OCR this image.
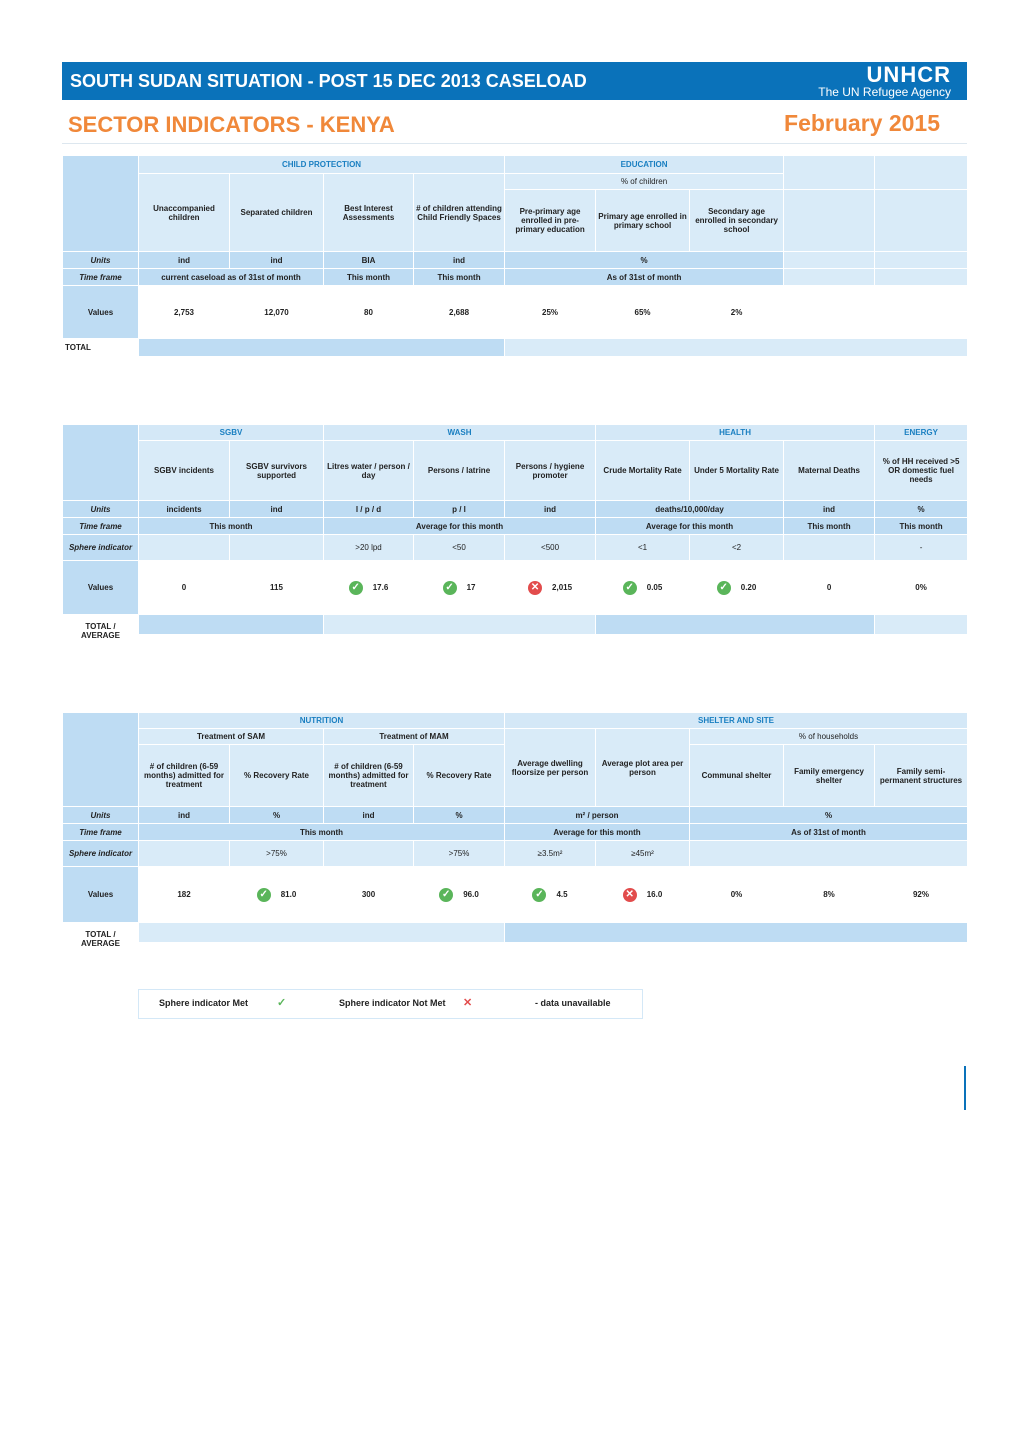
SOUTH SUDAN SITUATION - POST 15 DEC 2013 CASELOAD	UNHCR
The UN Refugee Agency
SECTOR INDICATORS - KENYA	February 2015
	CHILD PROTECTION				EDUCATION				
	Unaccompanied children	Separated children	Best Interest Assessments	# of children attending Child Friendly Spaces	% of children				
					Pre-primary age enrolled in pre-primary education	Primary age enrolled in primary school	Secondary age enrolled in secondary school		
Units	ind	ind	BIA	ind	%				
Time frame	current caseload as of 31st of month		This month	This month	As of 31st of month				
Values	2,753	12,070	80	2,688	25%	65%	2%		
TOTAL									
	SGBV		WASH			HEALTH			ENERGY
	SGBV incidents	SGBV survivors supported	Litres water / person / day	Persons / latrine	Persons / hygiene promoter	Crude Mortality Rate	Under 5 Mortality Rate	Maternal Deaths	% of HH received >5 OR domestic fuel needs
Units	incidents	ind	l / p / d	p / l	ind	deaths/10,000/day		ind	%
Time frame	This month		Average for this month			Average for this month		This month	This month
Sphere indicator			>20 lpd	<50	<500	<1	<2		-
Values	0	115	✓ 17.6	✓ 17	✕ 2,015	✓ 0.05	✓ 0.20	0	0%
TOTAL / AVERAGE									

	NUTRITION				SHELTER AND SITE				
	Treatment of SAM		Treatment of MAM		Average dwelling floorsize per person	Average plot area per person	% of households		
	# of children (6-59 months) admitted for treatment	% Recovery Rate	# of children (6-59 months) admitted for treatment	% Recovery Rate			Communal shelter	Family emergency shelter	Family semi-permanent structures
Units	ind	%	ind	%	m² / person		%		
Time frame	This month				Average for this month		As of 31st of month		
Sphere indicator		>75%		>75%	≥3.5m²	≥45m²			
Values	182	✓ 81.0	300	✓ 96.0	✓ 4.5	✕ 16.0	0%	8%	92%
TOTAL / AVERAGE									

Sphere indicator Met	✓	Sphere indicator Not Met ✕	- data unavailable
